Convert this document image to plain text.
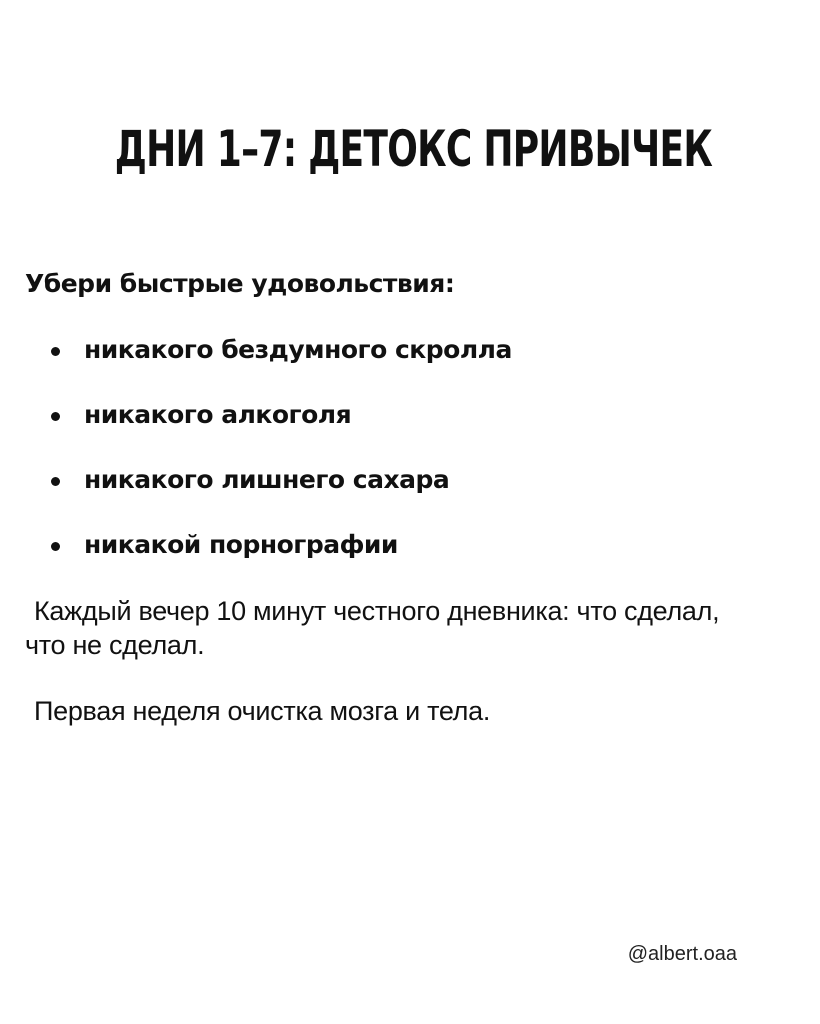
ДНИ 1–7: ДЕТОКС ПРИВЫЧЕК
Убери быстрые удовольствия:
никакого бездумного скролла
никакого алкоголя
никакого лишнего сахара
никакой порнографии

Каждый вечер 10 минут честного дневника: что сделал, что не сделал.

Первая неделя очистка мозга и тела.

@albert.oaa
